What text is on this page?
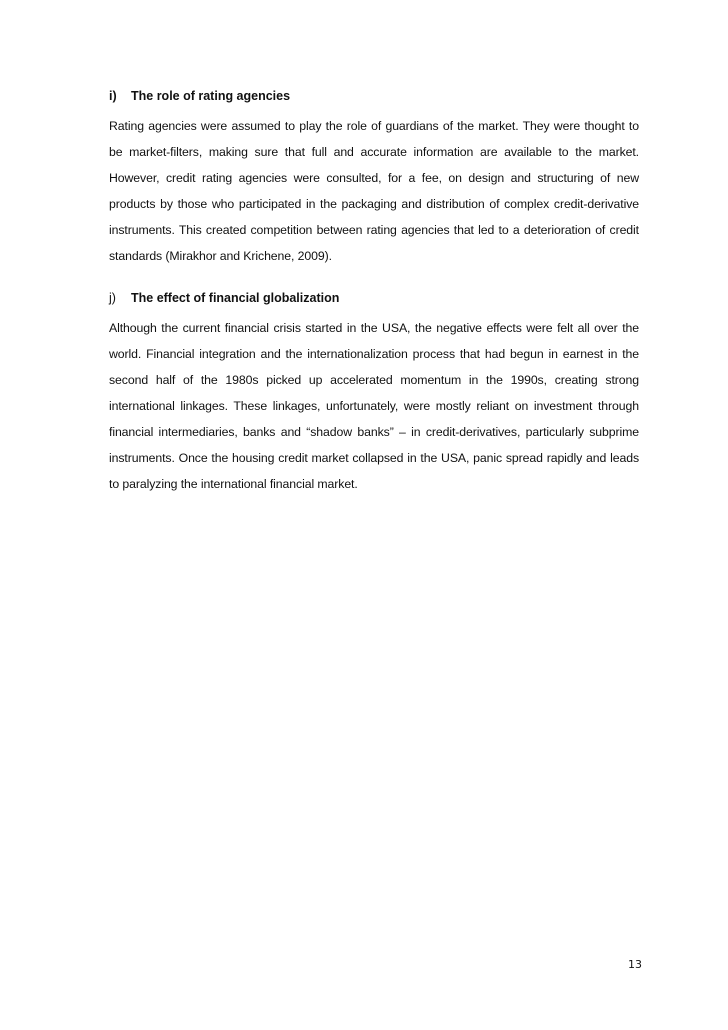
i) The role of rating agencies

Rating agencies were assumed to play the role of guardians of the market. They were thought to be market-filters, making sure that full and accurate information are available to the market. However, credit rating agencies were consulted, for a fee, on design and structuring of new products by those who participated in the packaging and distribution of complex credit-derivative instruments. This created competition between rating agencies that led to a deterioration of credit standards (Mirakhor and Krichene, 2009).

j) The effect of financial globalization

Although the current financial crisis started in the USA, the negative effects were felt all over the world. Financial integration and the internationalization process that had begun in earnest in the second half of the 1980s picked up accelerated momentum in the 1990s, creating strong international linkages. These linkages, unfortunately, were mostly reliant on investment through financial intermediaries, banks and “shadow banks” – in credit-derivatives, particularly subprime instruments. Once the housing credit market collapsed in the USA, panic spread rapidly and leads to paralyzing the international financial market.

13
